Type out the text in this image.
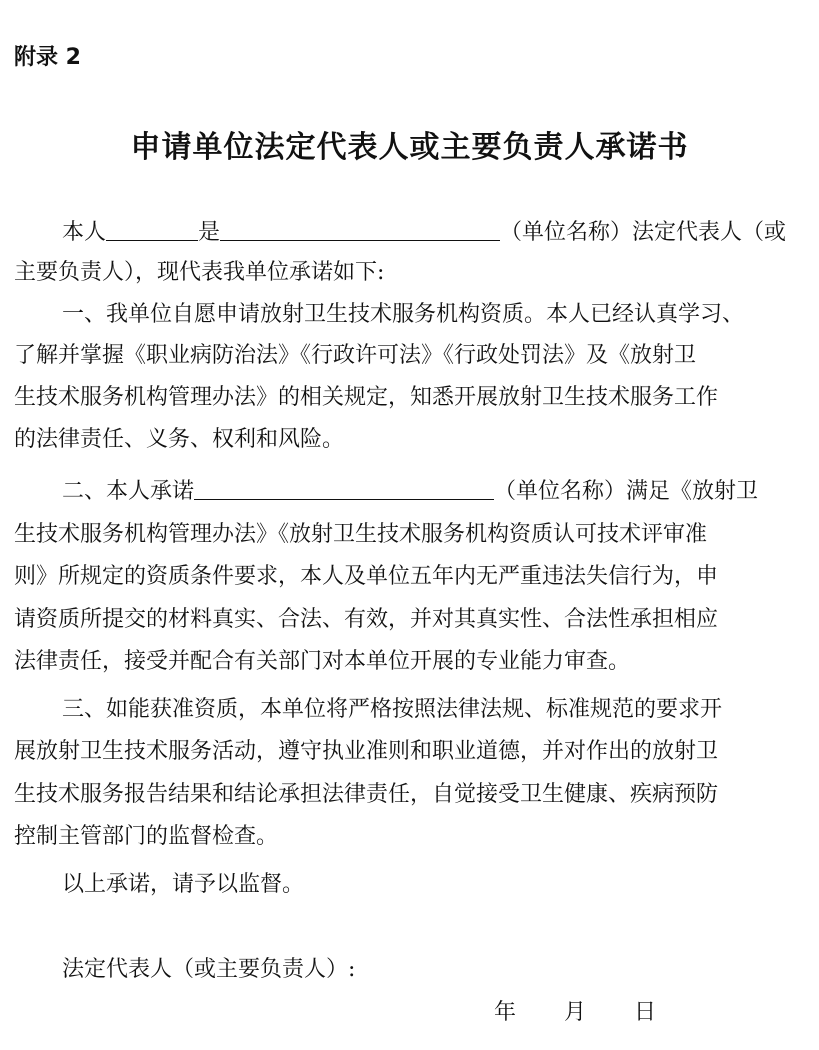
附录 2
申请单位法定代表人或主要负责人承诺书
本人	是	（单位名称）法定代表人（或
主要负责人），现代表我单位承诺如下:
一、我单位自愿申请放射卫生技术服务机构资质。本人已经认真学习、
了解并掌握《职业病防治法》《行政许可法》《行政处罚法》及《放射卫
生技术服务机构管理办法》的相关规定，知悉开展放射卫生技术服务工作
的法律责任、义务、权利和风险。
二、本人承诺	（单位名称）满足《放射卫
生技术服务机构管理办法》《放射卫生技术服务机构资质认可技术评审准
则》所规定的资质条件要求，本人及单位五年内无严重违法失信行为，申
请资质所提交的材料真实、合法、有效，并对其真实性、合法性承担相应
法律责任，接受并配合有关部门对本单位开展的专业能力审查。
三、如能获准资质，本单位将严格按照法律法规、标准规范的要求开
展放射卫生技术服务活动，遵守执业准则和职业道德，并对作出的放射卫
生技术服务报告结果和结论承担法律责任，自觉接受卫生健康、疾病预防
控制主管部门的监督检查。
以上承诺，请予以监督。
法定代表人（或主要负责人）:
年 月 日
